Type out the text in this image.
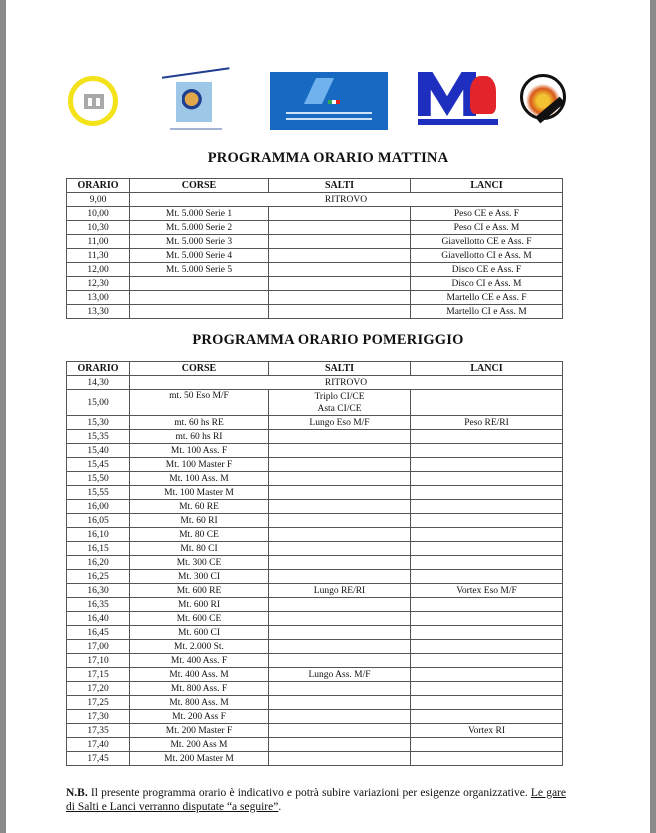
PROGRAMMA ORARIO MATTINA
ORARIO	CORSE	SALTI	LANCI
9,00	RITROVO		
10,00	Mt. 5.000 Serie 1		Peso CE e Ass. F
10,30	Mt. 5.000 Serie 2		Peso CI e Ass. M
11,00	Mt. 5.000 Serie 3		Giavellotto CE e Ass. F
11,30	Mt. 5.000 Serie 4		Giavellotto CI e Ass. M
12,00	Mt. 5.000 Serie 5		Disco CE e Ass. F
12,30			Disco CI e Ass. M
13,00			Martello CE e Ass. F
13,30			Martello CI e Ass. M
PROGRAMMA ORARIO POMERIGGIO
ORARIO	CORSE	SALTI	LANCI
14,30	RITROVO		
15,00	mt. 50 Eso M/F	Triplo CI/CE
Asta CI/CE	

15,30	mt. 60 hs RE	Lungo Eso M/F	Peso RE/RI
15,35	mt. 60 hs RI		
15,40	Mt. 100 Ass. F		
15,45	Mt. 100 Master F		
15,50	Mt. 100 Ass. M		
15,55	Mt. 100 Master M		
16,00	Mt. 60 RE		
16,05	Mt. 60 RI		
16,10	Mt. 80 CE		
16,15	Mt. 80 CI		
16,20	Mt. 300 CE		
16,25	Mt. 300 CI		
16,30	Mt. 600 RE	Lungo RE/RI	Vortex Eso M/F
16,35	Mt. 600 RI		
16,40	Mt. 600 CE		
16,45	Mt. 600 CI		
17,00	Mt. 2.000 St.		
17,10	Mt. 400 Ass. F		
17,15	Mt. 400 Ass. M	Lungo Ass. M/F	
17,20	Mt. 800 Ass. F		
17,25	Mt. 800 Ass. M		
17,30	Mt. 200 Ass F		
17,35	Mt. 200 Master F		Vortex RI
17,40	Mt. 200 Ass M		
17,45	Mt. 200 Master M		

N.B. Il presente programma orario è indicativo e potrà subire variazioni per esigenze organizzative. Le gare di Salti e Lanci verranno disputate “a seguire”.
